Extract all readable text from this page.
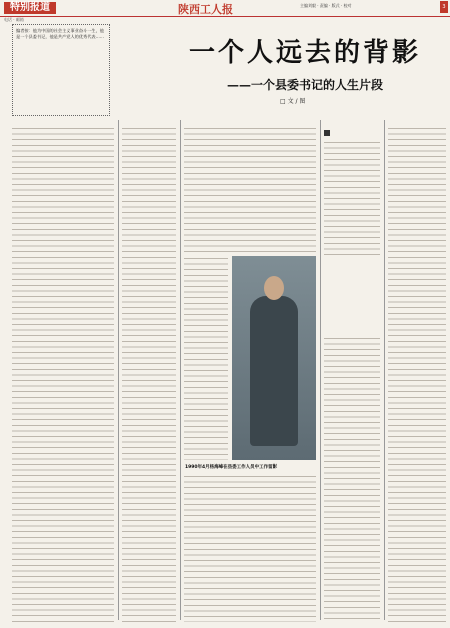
特别报道	陕西工人报	主编刘毅 · 责编 · 版式 · 校对	3
电话 · 邮箱
一个人远去的背影
——一个县委书记的人生片段
□ 文 / 图
编者按：他为中国的社会主义事业奋斗一生，他是一个县委书记，他是共产党人的优秀代表……
1990年4月杨海峰在县委工作人员中工作留影
